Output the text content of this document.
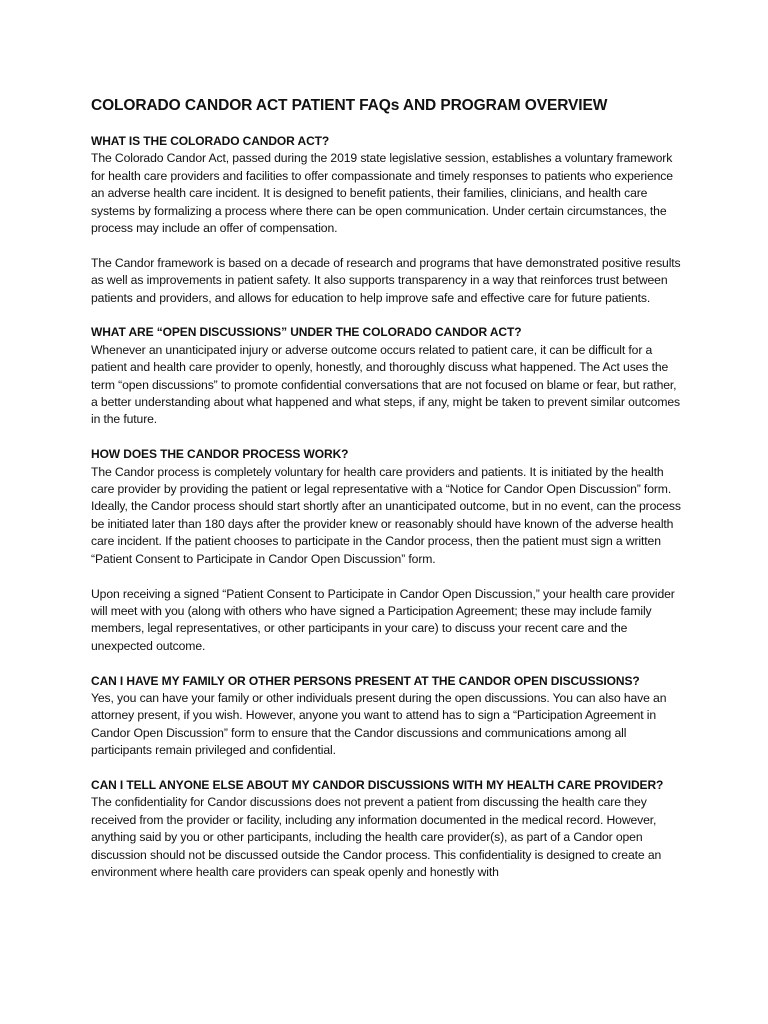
COLORADO CANDOR ACT PATIENT FAQs AND PROGRAM OVERVIEW
WHAT IS THE COLORADO CANDOR ACT?

The Colorado Candor Act, passed during the 2019 state legislative session, establishes a voluntary framework for health care providers and facilities to offer compassionate and timely responses to patients who experience an adverse health care incident. It is designed to benefit patients, their families, clinicians, and health care systems by formalizing a process where there can be open communication. Under certain circumstances, the process may include an offer of compensation.

The Candor framework is based on a decade of research and programs that have demonstrated positive results as well as improvements in patient safety. It also supports transparency in a way that reinforces trust between patients and providers, and allows for education to help improve safe and effective care for future patients.

WHAT ARE “OPEN DISCUSSIONS” UNDER THE COLORADO CANDOR ACT?

Whenever an unanticipated injury or adverse outcome occurs related to patient care, it can be difficult for a patient and health care provider to openly, honestly, and thoroughly discuss what happened. The Act uses the term “open discussions” to promote confidential conversations that are not focused on blame or fear, but rather, a better understanding about what happened and what steps, if any, might be taken to prevent similar outcomes in the future.

HOW DOES THE CANDOR PROCESS WORK?

The Candor process is completely voluntary for health care providers and patients. It is initiated by the health care provider by providing the patient or legal representative with a “Notice for Candor Open Discussion” form. Ideally, the Candor process should start shortly after an unanticipated outcome, but in no event, can the process be initiated later than 180 days after the provider knew or reasonably should have known of the adverse health care incident. If the patient chooses to participate in the Candor process, then the patient must sign a written “Patient Consent to Participate in Candor Open Discussion” form.

Upon receiving a signed “Patient Consent to Participate in Candor Open Discussion,” your health care provider will meet with you (along with others who have signed a Participation Agreement; these may include family members, legal representatives, or other participants in your care) to discuss your recent care and the unexpected outcome.

CAN I HAVE MY FAMILY OR OTHER PERSONS PRESENT AT THE CANDOR OPEN DISCUSSIONS?

Yes, you can have your family or other individuals present during the open discussions. You can also have an attorney present, if you wish. However, anyone you want to attend has to sign a “Participation Agreement in Candor Open Discussion” form to ensure that the Candor discussions and communications among all participants remain privileged and confidential.

CAN I TELL ANYONE ELSE ABOUT MY CANDOR DISCUSSIONS WITH MY HEALTH CARE PROVIDER?

The confidentiality for Candor discussions does not prevent a patient from discussing the health care they received from the provider or facility, including any information documented in the medical record. However, anything said by you or other participants, including the health care provider(s), as part of a Candor open discussion should not be discussed outside the Candor process. This confidentiality is designed to create an environment where health care providers can speak openly and honestly with
